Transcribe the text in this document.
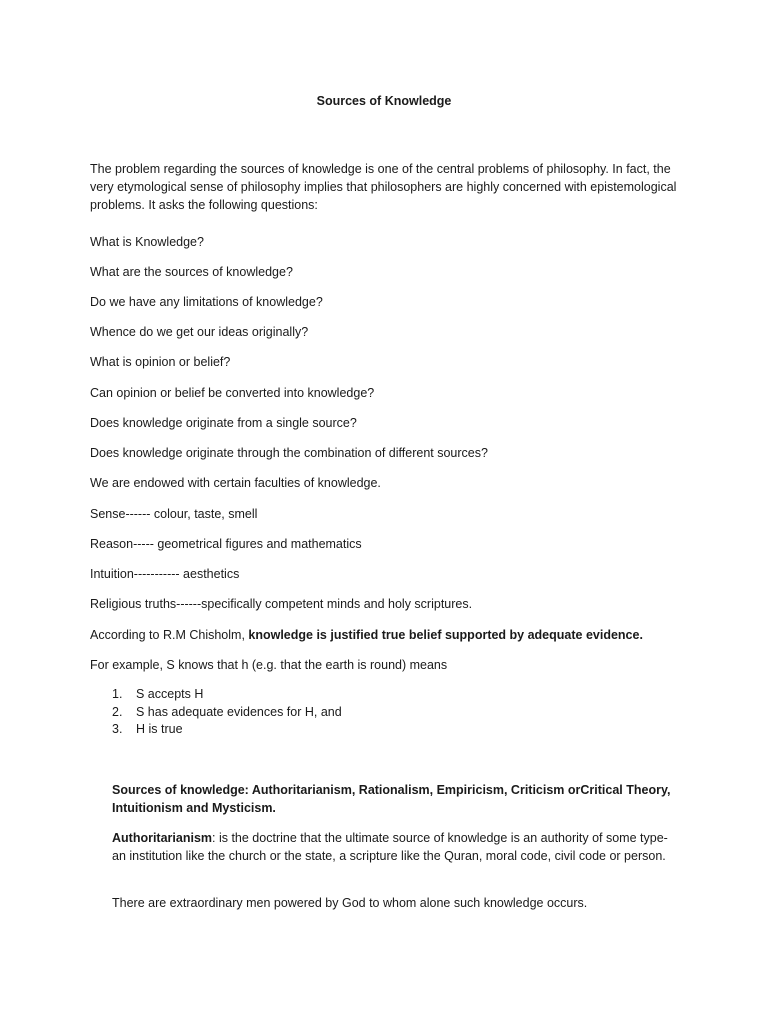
Sources of Knowledge

The problem regarding the sources of knowledge is one of the central problems of philosophy. In fact, the very etymological sense of philosophy implies that philosophers are highly concerned with epistemological problems. It asks the following questions:

What is Knowledge?
What are the sources of knowledge?
Do we have any limitations of knowledge?
Whence do we get our ideas originally?
What is opinion or belief?
Can opinion or belief be converted into knowledge?
Does knowledge originate from a single source?
Does knowledge originate through the combination of different sources?
We are endowed with certain faculties of knowledge.
Sense------ colour, taste, smell
Reason----- geometrical figures and mathematics
Intuition----------- aesthetics
Religious truths------specifically competent minds and holy scriptures.
According to R.M Chisholm, knowledge is justified true belief supported by adequate evidence.
For example, S knows that h (e.g. that the earth is round) means
1.	S accepts H
2.	S has adequate evidences for H, and
3.	H is true

Sources of knowledge: Authoritarianism, Rationalism, Empiricism, Criticism orCritical Theory, Intuitionism and Mysticism.

Authoritarianism: is the doctrine that the ultimate source of knowledge is an authority of some type-an institution like the church or the state, a scripture like the Quran, moral code, civil code or person.

There are extraordinary men powered by God to whom alone such knowledge occurs.
